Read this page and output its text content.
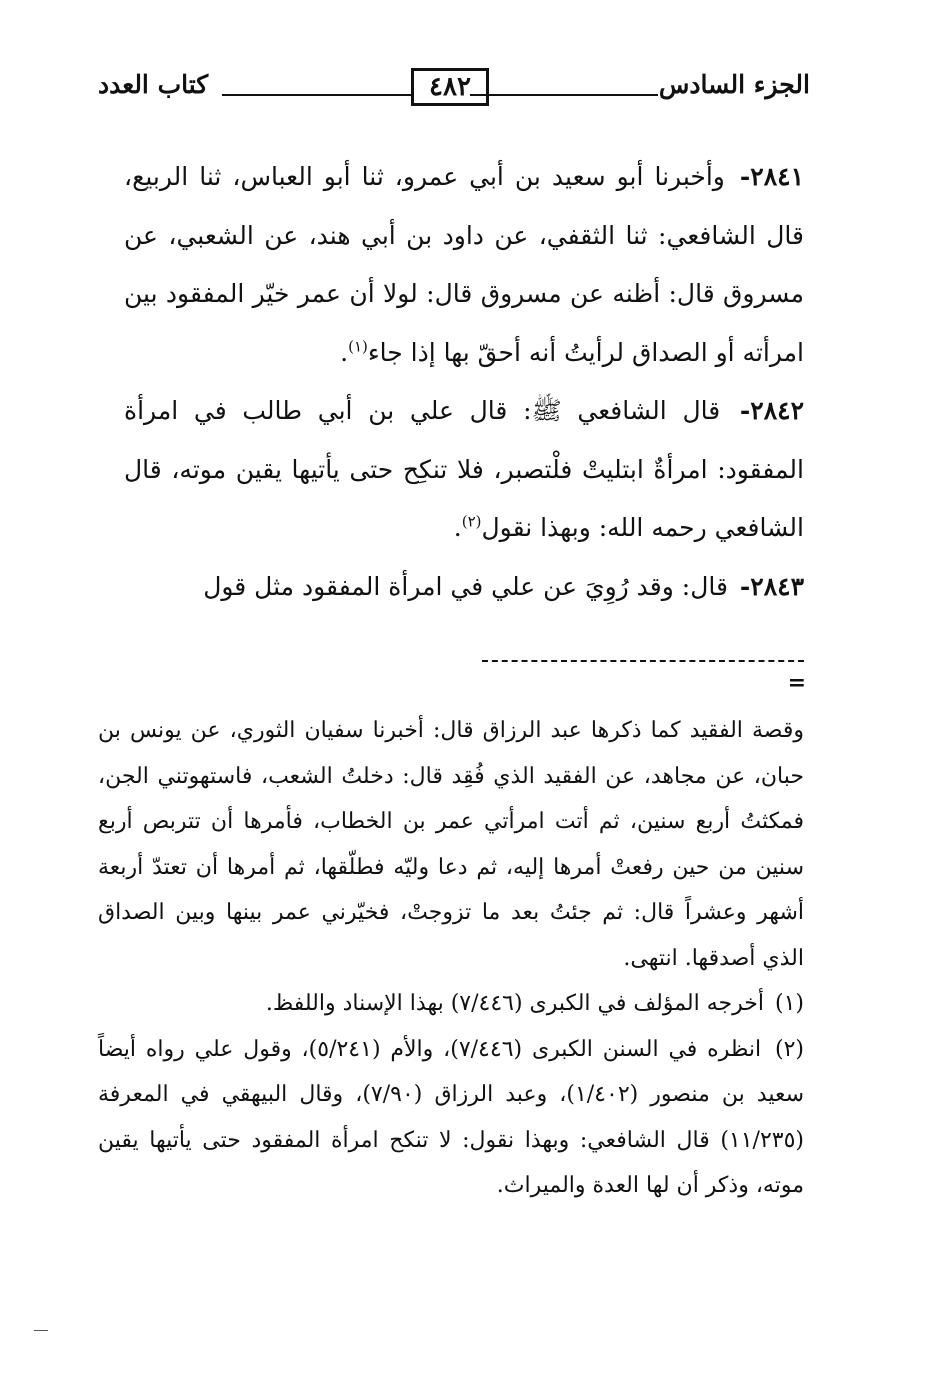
الجزء السادس
٤٨٢
كتاب العدد

٢٨٤١- وأخبرنا أبو سعيد بن أبي عمرو، ثنا أبو العباس، ثنا الربيع، قال الشافعي: ثنا الثقفي، عن داود بن أبي هند، عن الشعبي، عن مسروق قال: أظنه عن مسروق قال: لولا أن عمر خيّر المفقود بين امرأته أو الصداق لرأيتُ أنه أحقّ بها إذا جاء$^{(١)}$.

٢٨٤٢- قال الشافعي ﷺ: قال علي بن أبي طالب في امرأة المفقود: امرأةٌ ابتليتْ فلْتصبر، فلا تنكِح حتى يأتيها يقين موته، قال الشافعي رحمه الله: وبهذا نقول$^{(٢)}$.

٢٨٤٣- قال: وقد رُوِيَ عن علي في امرأة المفقود مثل قول

=

وقصة الفقيد كما ذكرها عبد الرزاق قال: أخبرنا سفيان الثوري، عن يونس بن حبان، عن مجاهد، عن الفقيد الذي فُقِد قال: دخلتُ الشعب، فاستهوتني الجن، فمكثتُ أربع سنين، ثم أتت امرأتي عمر بن الخطاب، فأمرها أن تتربص أربع سنين من حين رفعتْ أمرها إليه، ثم دعا وليّه فطلّقها، ثم أمرها أن تعتدّ أربعة أشهر وعشراً قال: ثم جئتُ بعد ما تزوجتْ، فخيّرني عمر بينها وبين الصداق الذي أصدقها. انتهى.

(١) أخرجه المؤلف في الكبرى (٧/٤٤٦) بهذا الإسناد واللفظ.

(٢) انظره في السنن الكبرى (٧/٤٤٦)، والأم (٥/٢٤١)، وقول علي رواه أيضاً سعيد بن منصور (١/٤٠٢)، وعبد الرزاق (٧/٩٠)، وقال البيهقي في المعرفة (١١/٢٣٥) قال الشافعي: وبهذا نقول: لا تنكح امرأة المفقود حتى يأتيها يقين موته، وذكر أن لها العدة والميراث.
